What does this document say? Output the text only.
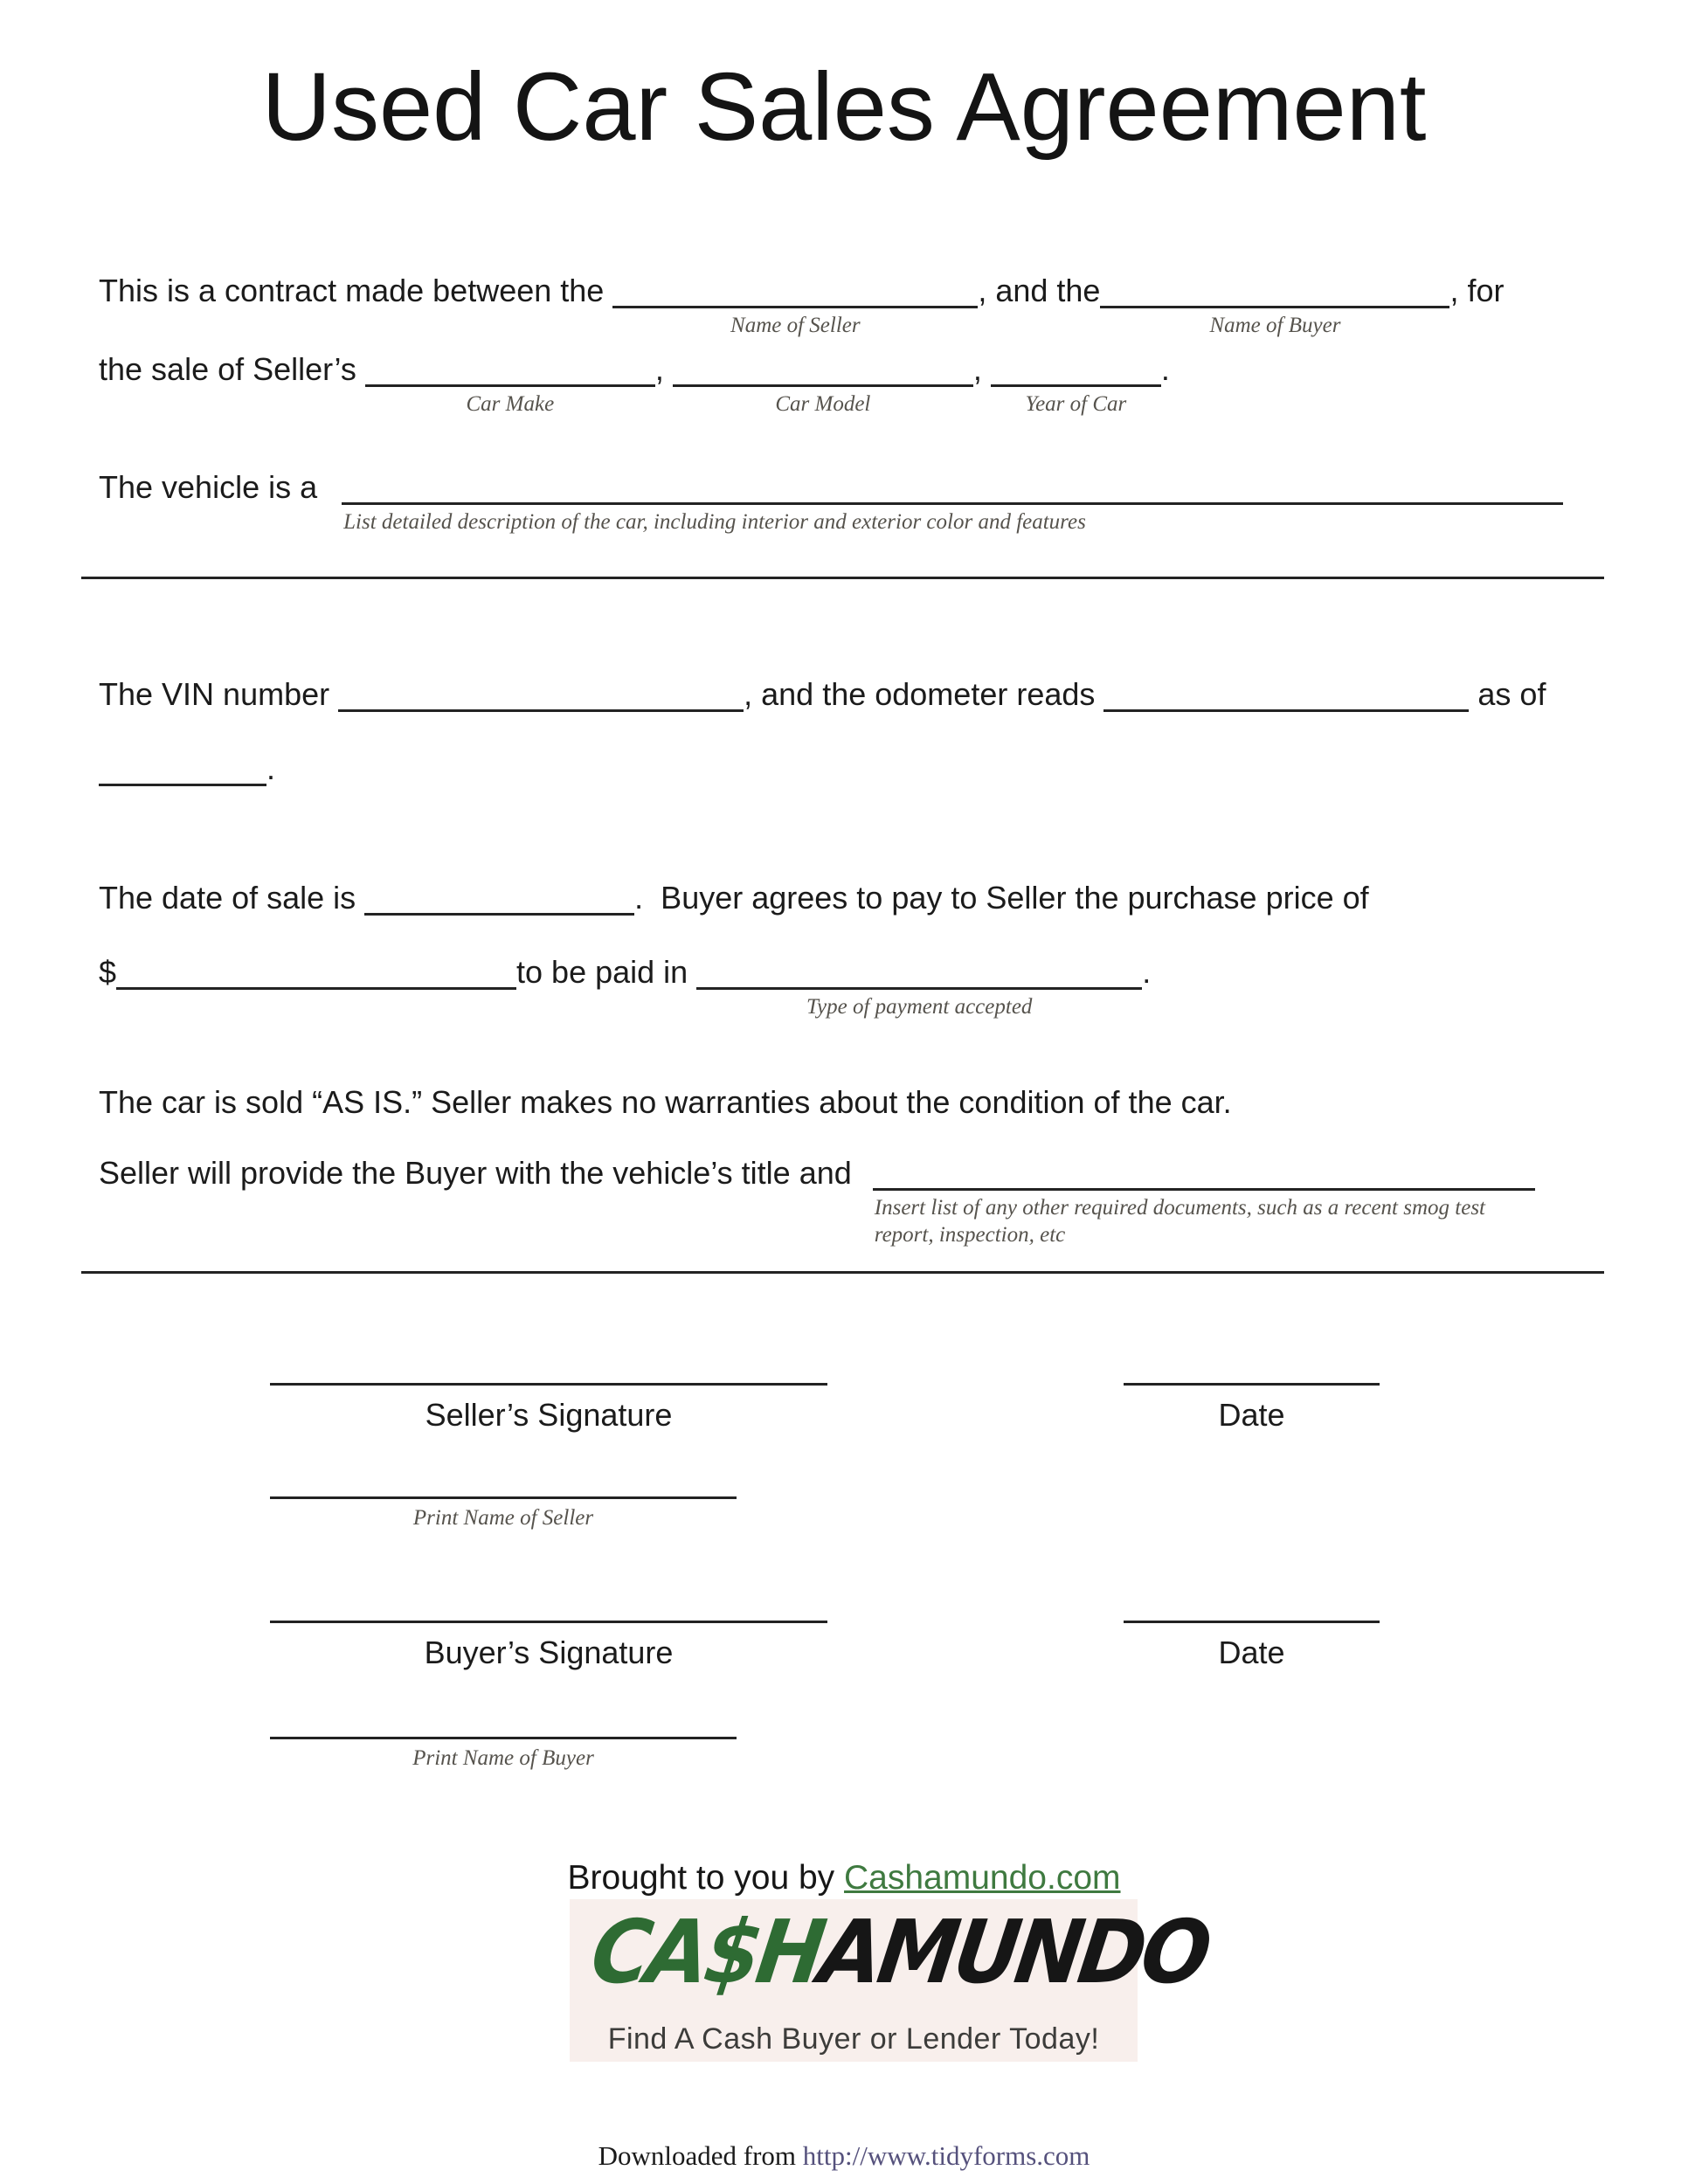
Used Car Sales Agreement
This is a contract made between the
Name of Seller
, and the
Name of Buyer
, for
the sale of Seller’s
Car Make
,
Car Model
,
Year of Car
.
The vehicle is a
List detailed description of the car, including interior and exterior color and features
The VIN number	, and the odometer reads	as of
.
The date of sale is	.  Buyer agrees to pay to Seller the purchase price of
$	to be paid in
Type of payment accepted
.
The car is sold “AS IS.” Seller makes no warranties about the condition of the car.
Seller will provide the Buyer with the vehicle’s title and
Insert list of any other required documents, such as a recent smog test
report, inspection, etc
Seller’s Signature	Date
Print Name of Seller
Buyer’s Signature	Date
Print Name of Buyer
Brought to you by Cashamundo.com
CA$HAMUNDO
Find A Cash Buyer or Lender Today!
Downloaded from http://www.tidyforms.com
